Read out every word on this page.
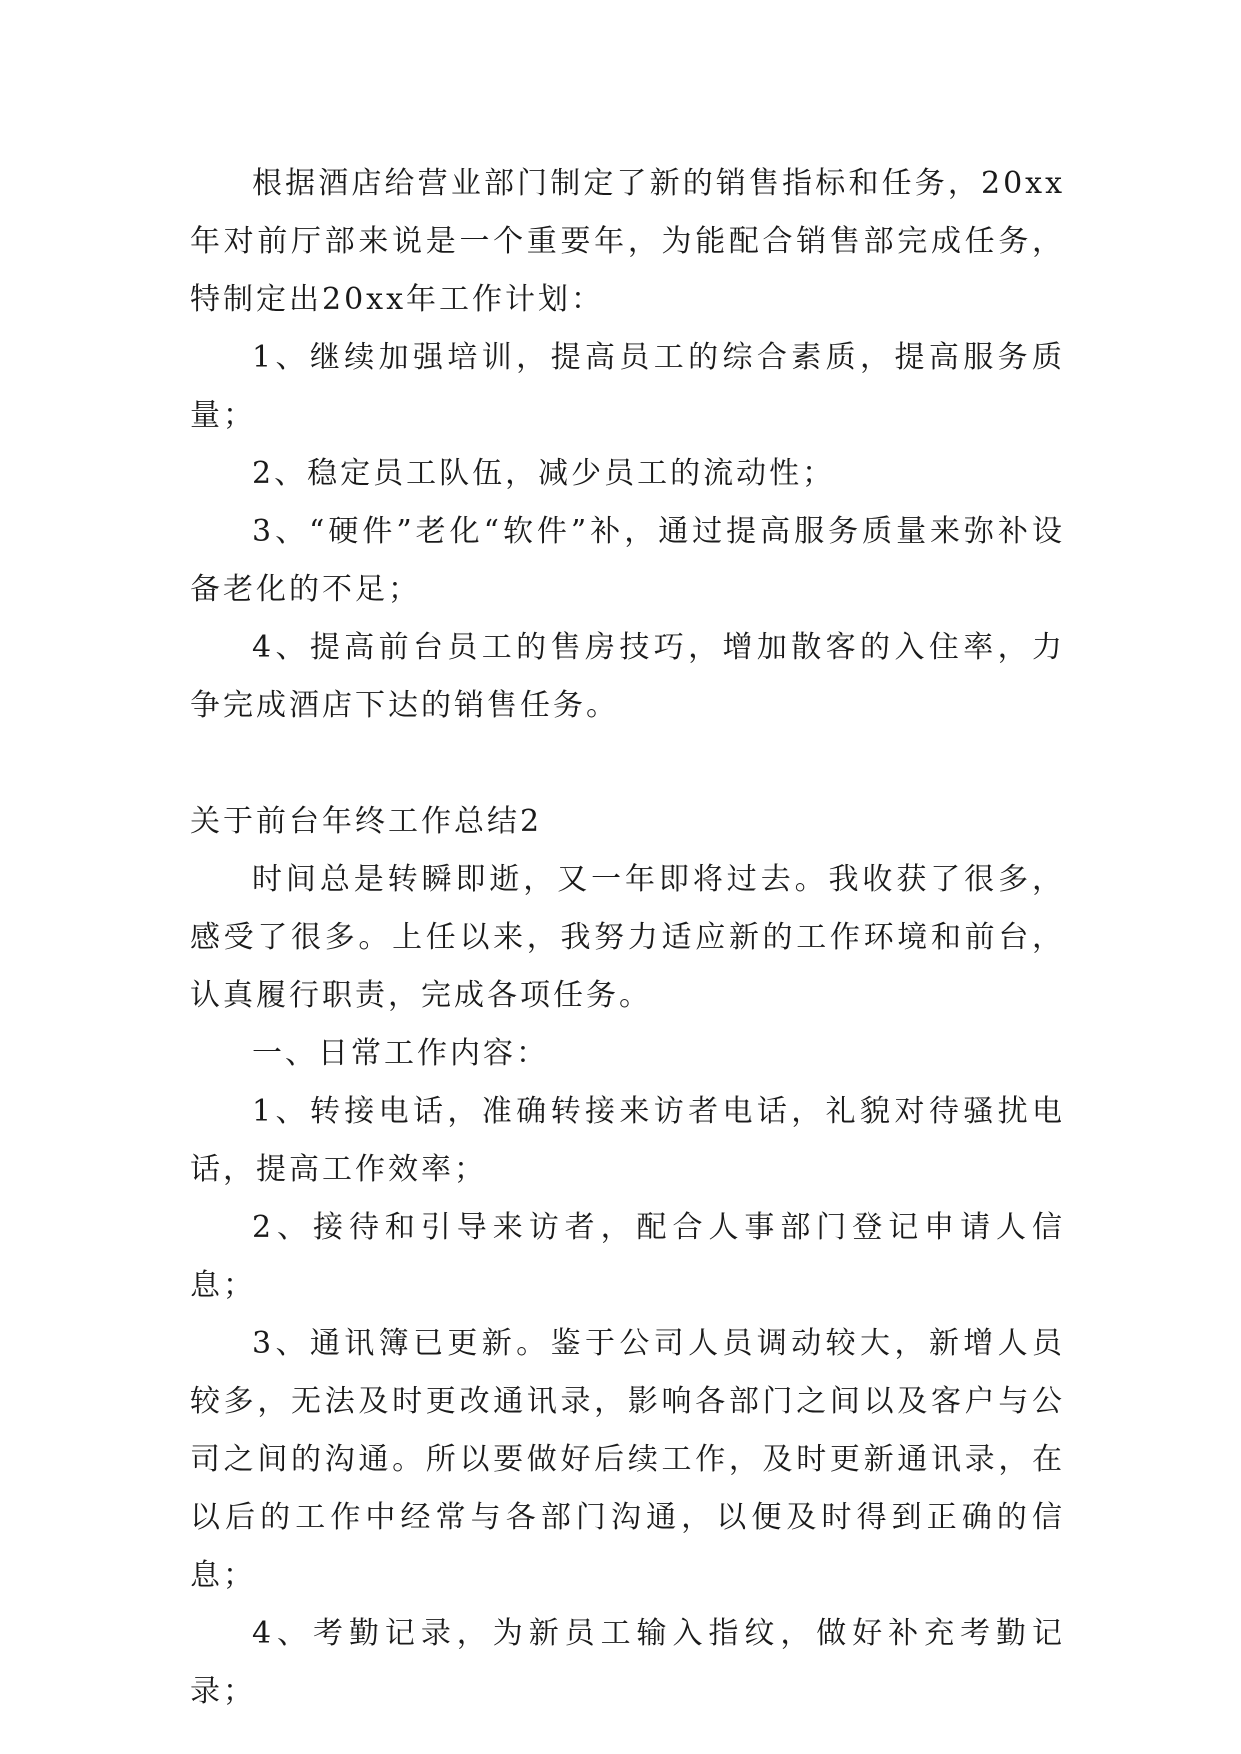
根据酒店给营业部门制定了新的销售指标和任务，20xx年对前厅部来说是一个重要年，为能配合销售部完成任务，特制定出20xx年工作计划：

1、继续加强培训，提高员工的综合素质，提高服务质量；

2、稳定员工队伍，减少员工的流动性；

3、“硬件”老化“软件”补，通过提高服务质量来弥补设备老化的不足；

4、提高前台员工的售房技巧，增加散客的入住率，力争完成酒店下达的销售任务。

关于前台年终工作总结2

时间总是转瞬即逝，又一年即将过去。我收获了很多，感受了很多。上任以来，我努力适应新的工作环境和前台，认真履行职责，完成各项任务。

一、日常工作内容：

1、转接电话，准确转接来访者电话，礼貌对待骚扰电话，提高工作效率；

2、接待和引导来访者，配合人事部门登记申请人信息；

3、通讯簿已更新。鉴于公司人员调动较大，新增人员较多，无法及时更改通讯录，影响各部门之间以及客户与公司之间的沟通。所以要做好后续工作，及时更新通讯录，在以后的工作中经常与各部门沟通，以便及时得到正确的信息；

4、考勤记录，为新员工输入指纹，做好补充考勤记录；
